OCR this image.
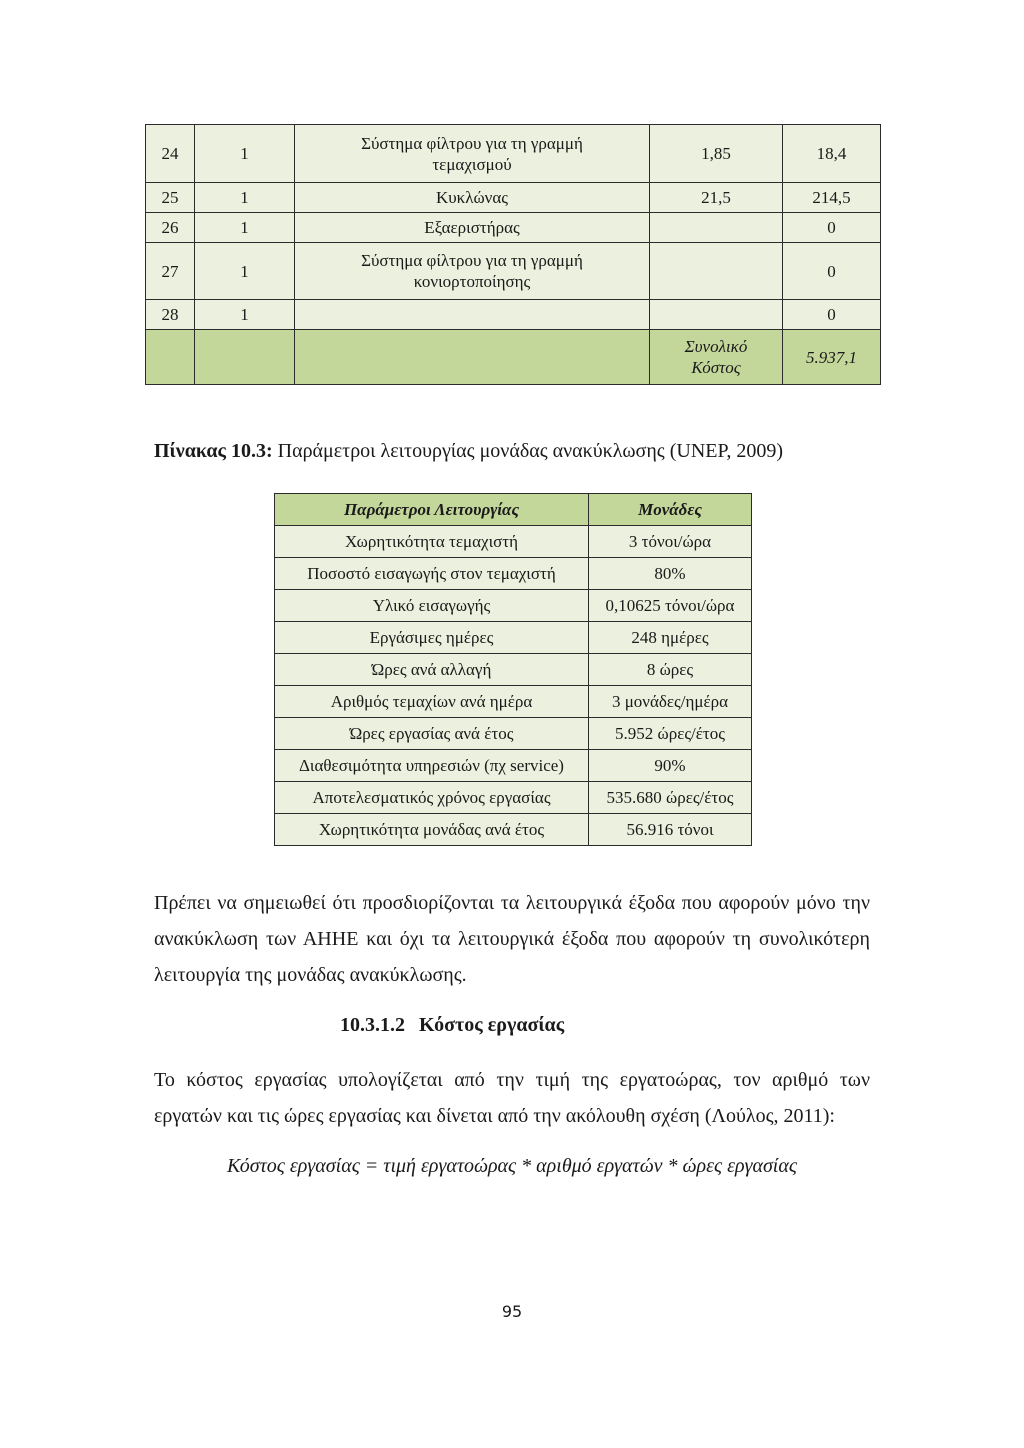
24	1	Σύστημα φίλτρου για τη γραμμή τεμαχισμού	1,85	18,4
25	1	Κυκλώνας	21,5	214,5
26	1	Εξαεριστήρας		0
27	1	Σύστημα φίλτρου για τη γραμμή κονιορτοποίησης		0
28	1			0
			Συνολικό Κόστος	5.937,1
Πίνακας 10.3: Παράμετροι λειτουργίας μονάδας ανακύκλωσης (UNEP, 2009)
Παράμετροι Λειτουργίας	Μονάδες
Χωρητικότητα τεμαχιστή	3 τόνοι/ώρα
Ποσοστό εισαγωγής στον τεμαχιστή	80%
Υλικό εισαγωγής	0,10625 τόνοι/ώρα
Εργάσιμες ημέρες	248 ημέρες
Ώρες ανά αλλαγή	8 ώρες
Αριθμός τεμαχίων ανά ημέρα	3 μονάδες/ημέρα
Ώρες εργασίας ανά έτος	5.952 ώρες/έτος
Διαθεσιμότητα υπηρεσιών (πχ service)	90%
Αποτελεσματικός χρόνος εργασίας	535.680 ώρες/έτος
Χωρητικότητα μονάδας ανά έτος	56.916 τόνοι

Πρέπει να σημειωθεί ότι προσδιορίζονται τα λειτουργικά έξοδα που αφορούν μόνο την ανακύκλωση των ΑΗΗΕ και όχι τα λειτουργικά έξοδα που αφορούν τη συνολικότερη λειτουργία της μονάδας ανακύκλωσης.

10.3.1.2 Κόστος εργασίας

Το κόστος εργασίας υπολογίζεται από την τιμή της εργατοώρας, τον αριθμό των εργατών και τις ώρες εργασίας και δίνεται από την ακόλουθη σχέση (Λούλος, 2011):

Κόστος εργασίας = τιμή εργατοώρας * αριθμό εργατών * ώρες εργασίας

95
